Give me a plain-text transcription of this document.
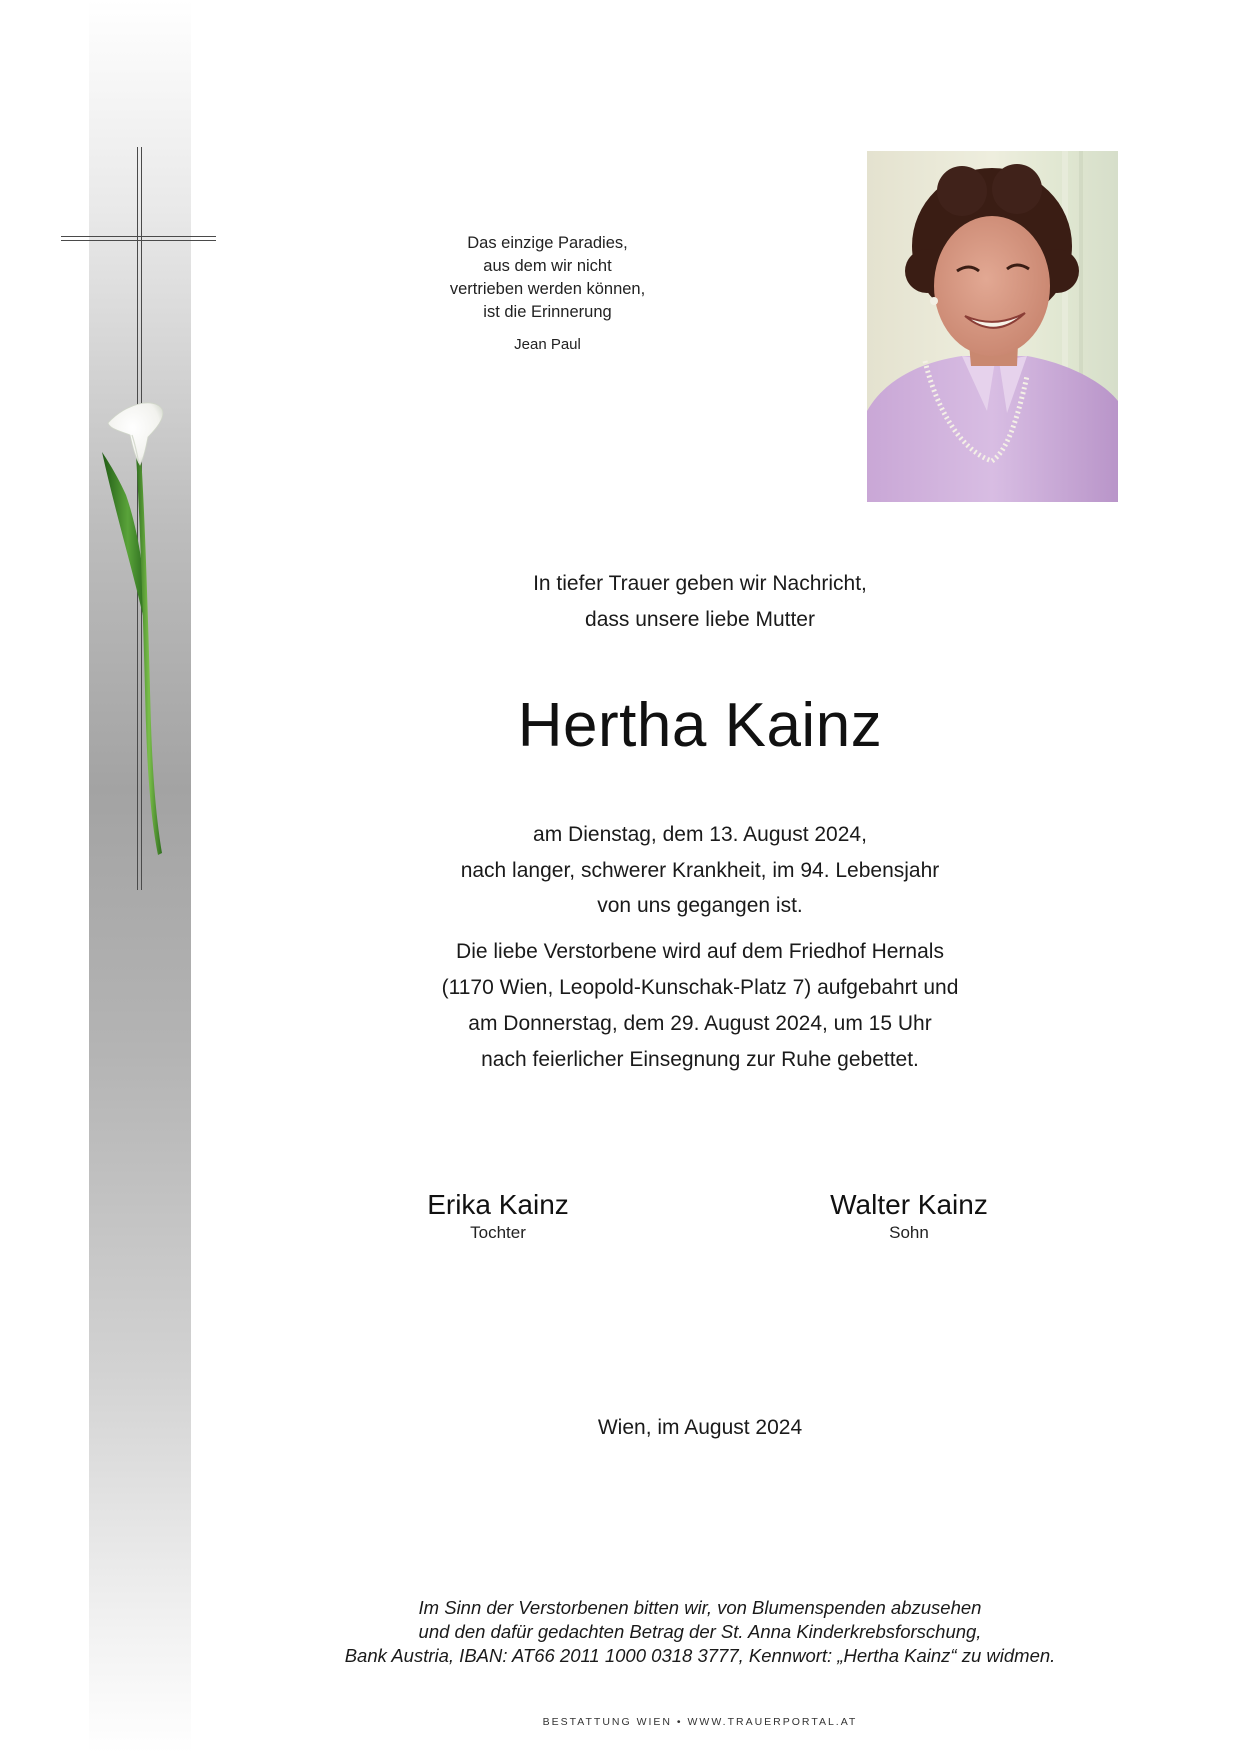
Das einzige Paradies,
aus dem wir nicht
vertrieben werden können,
ist die Erinnerung
Jean Paul
In tiefer Trauer geben wir Nachricht,
dass unsere liebe Mutter
Hertha Kainz
am Dienstag, dem 13. August 2024,
nach langer, schwerer Krankheit, im 94. Lebensjahr
von uns gegangen ist.
Die liebe Verstorbene wird auf dem Friedhof Hernals
(1170 Wien, Leopold-Kunschak-Platz 7) aufgebahrt und
am Donnerstag, dem 29. August 2024, um 15 Uhr
nach feierlicher Einsegnung zur Ruhe gebettet.
Erika Kainz
Tochter
Walter Kainz
Sohn
Wien, im August 2024
Im Sinn der Verstorbenen bitten wir, von Blumenspenden abzusehen
und den dafür gedachten Betrag der St. Anna Kinderkrebsforschung,
Bank Austria, IBAN: AT66 2011 1000 0318 3777, Kennwort: „Hertha Kainz“ zu widmen.
BESTATTUNG WIEN • WWW.TRAUERPORTAL.AT
